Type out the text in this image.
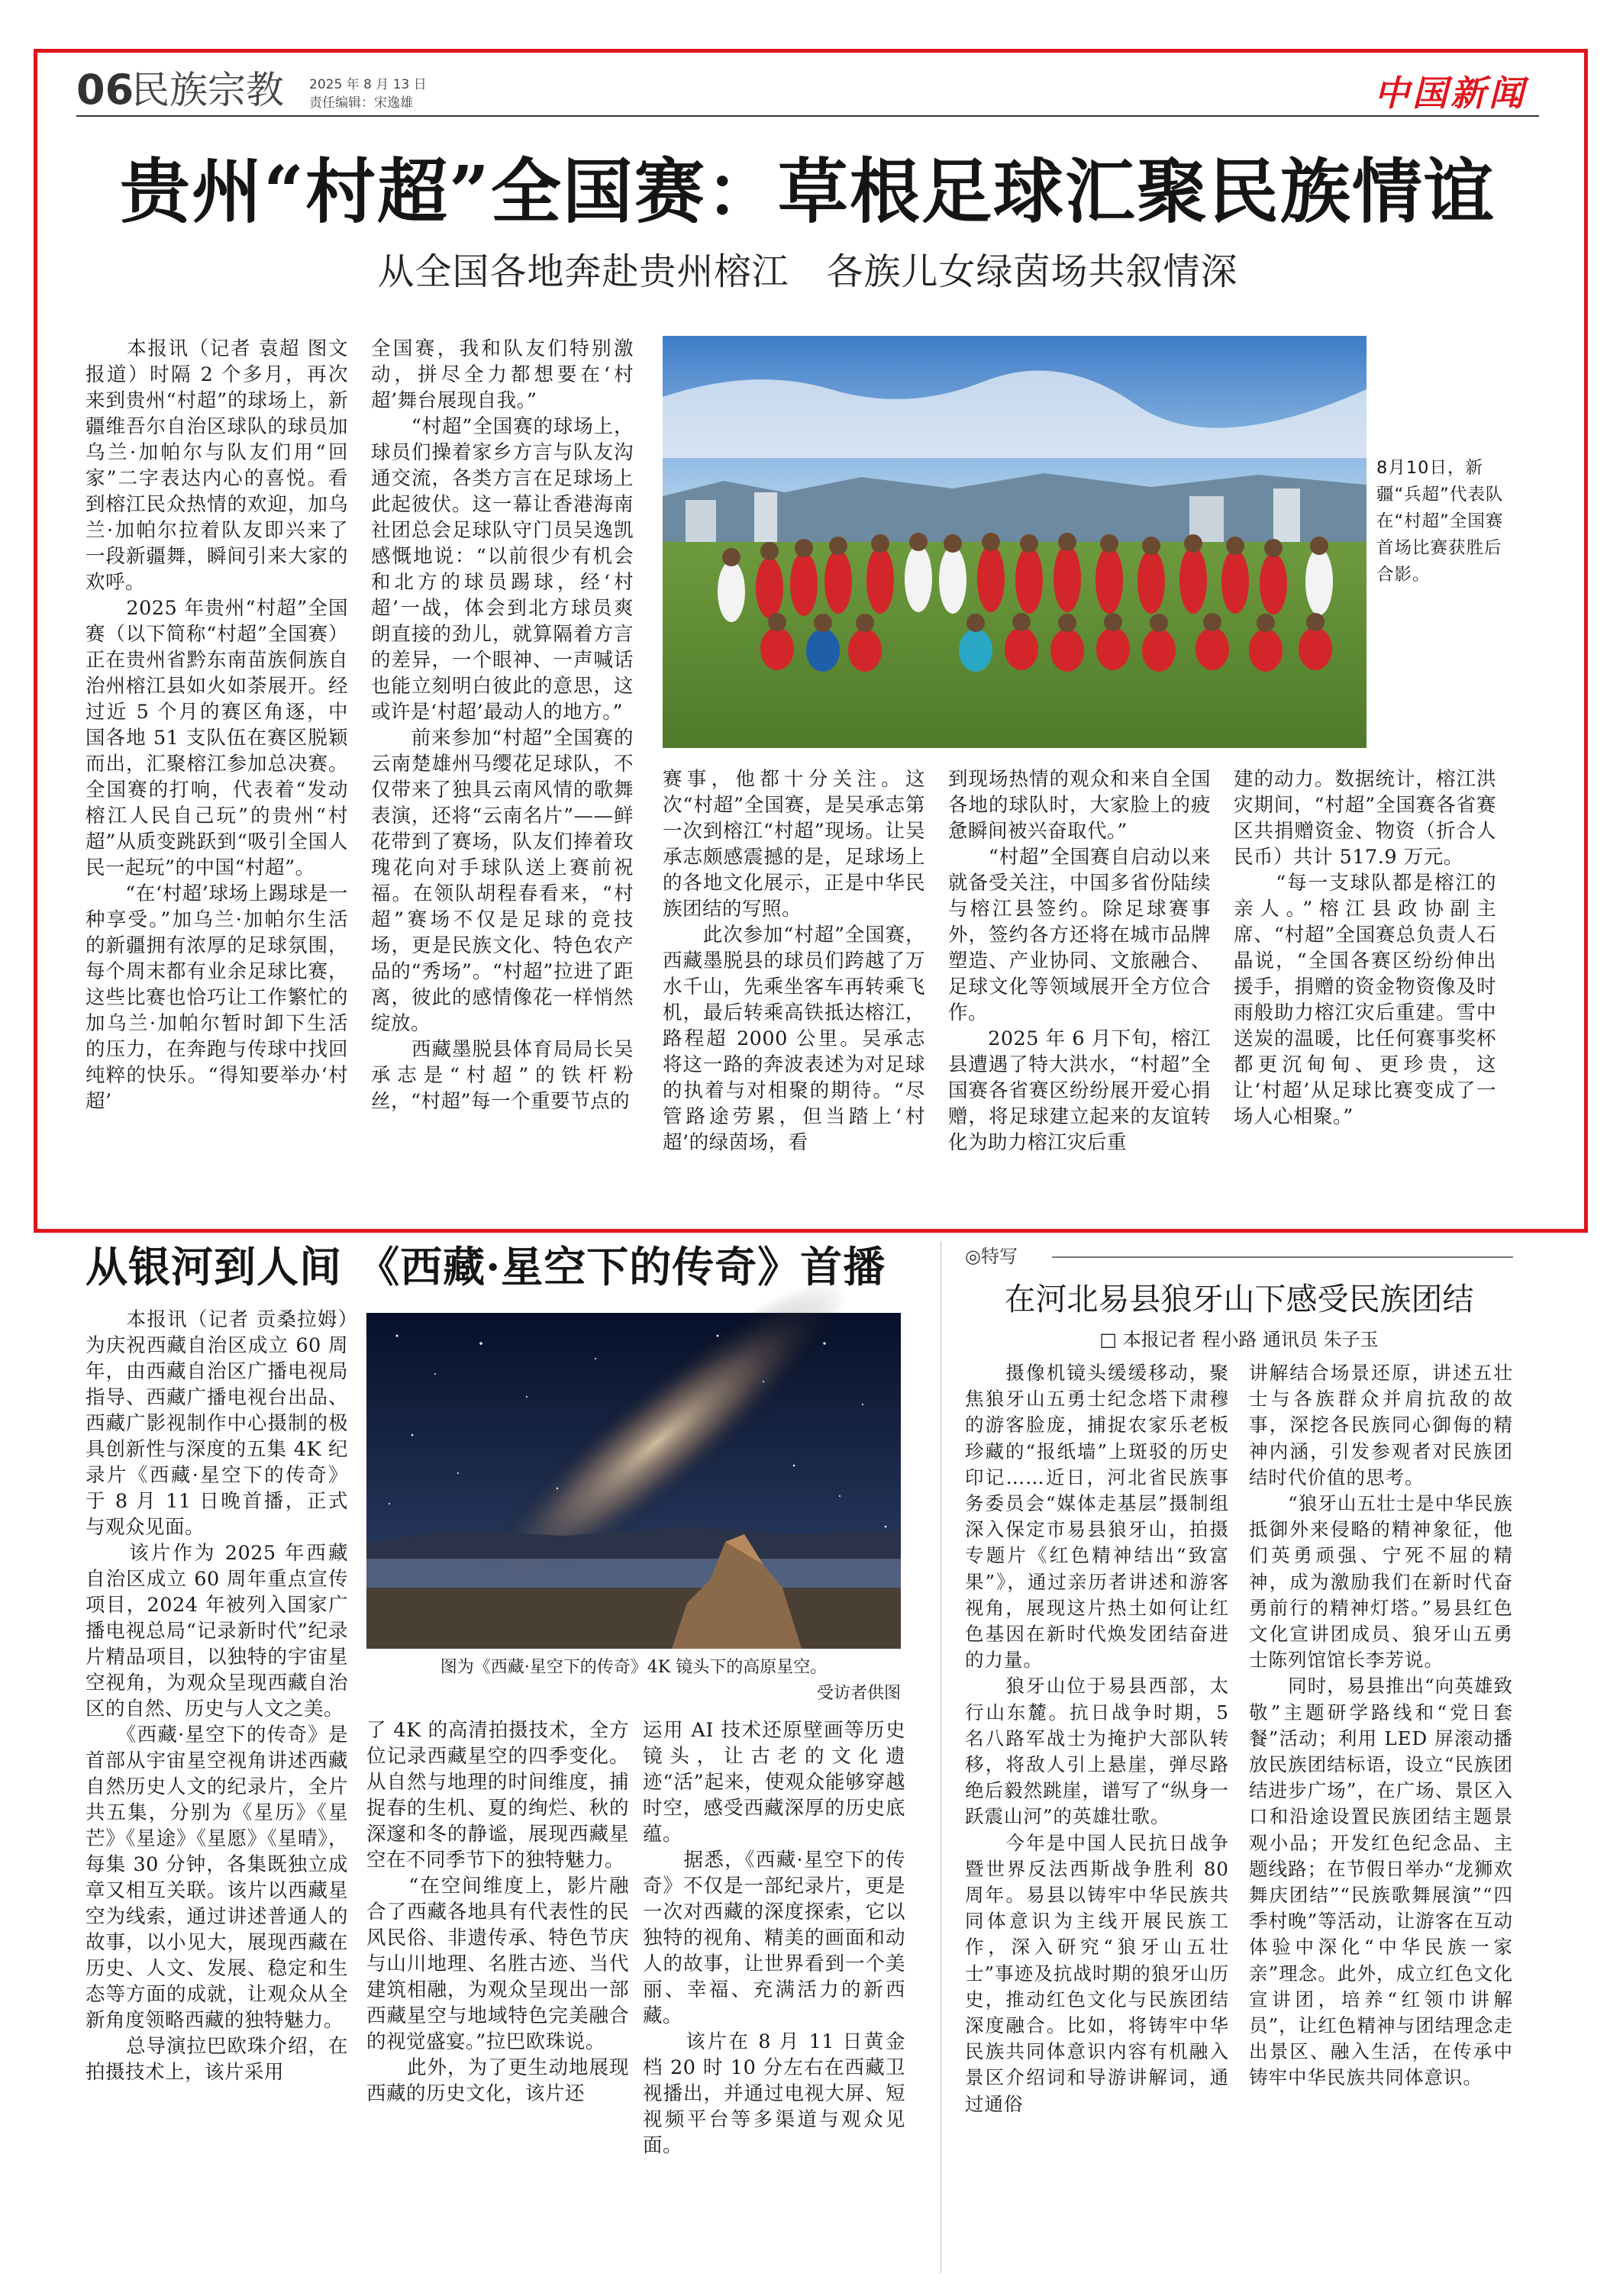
06
民族宗教 2025 年 8 月 13 日
责任编辑：宋逸雄	中国新闻
贵州“村超”全国赛：草根足球汇聚民族情谊
从全国各地奔赴贵州榕江　各族儿女绿茵场共叙情深
　　本报讯（记者 袁超 图文报道）时隔 2 个多月，再次来到贵州“村超”的球场上，新疆维吾尔自治区球队的球员加乌兰·加帕尔与队友们用“回家”二字表达内心的喜悦。看到榕江民众热情的欢迎，加乌兰·加帕尔拉着队友即兴来了一段新疆舞，瞬间引来大家的欢呼。
　　2025 年贵州“村超”全国赛（以下简称“村超”全国赛）正在贵州省黔东南苗族侗族自治州榕江县如火如荼展开。经过近 5 个月的赛区角逐，中国各地 51 支队伍在赛区脱颖而出，汇聚榕江参加总决赛。全国赛的打响，代表着“发动榕江人民自己玩”的贵州“村超”从质变跳跃到“吸引全国人民一起玩”的中国“村超”。
　　“在‘村超’球场上踢球是一种享受。”加乌兰·加帕尔生活的新疆拥有浓厚的足球氛围，每个周末都有业余足球比赛，这些比赛也恰巧让工作繁忙的加乌兰·加帕尔暂时卸下生活的压力，在奔跑与传球中找回纯粹的快乐。“得知要举办‘村超’
全国赛，我和队友们特别激动，拼尽全力都想要在‘村超’舞台展现自我。”
　　“村超”全国赛的球场上，球员们操着家乡方言与队友沟通交流，各类方言在足球场上此起彼伏。这一幕让香港海南社团总会足球队守门员吴逸凯感慨地说：“以前很少有机会和北方的球员踢球，经‘村超’一战，体会到北方球员爽朗直接的劲儿，就算隔着方言的差异，一个眼神、一声喊话也能立刻明白彼此的意思，这或许是‘村超’最动人的地方。”
　　前来参加“村超”全国赛的云南楚雄州马缨花足球队，不仅带来了独具云南风情的歌舞表演，还将“云南名片”——鲜花带到了赛场，队友们捧着玫瑰花向对手球队送上赛前祝福。在领队胡程春看来，“村超”赛场不仅是足球的竞技场，更是民族文化、特色农产品的“秀场”。“村超”拉进了距离，彼此的感情像花一样悄然绽放。
　　西藏墨脱县体育局局长吴承志是“村超”的铁杆粉丝，“村超”每一个重要节点的
8月10日，新疆“兵超”代表队在“村超”全国赛首场比赛获胜后合影。
赛事，他都十分关注。这次“村超”全国赛，是吴承志第一次到榕江“村超”现场。让吴承志颇感震撼的是，足球场上的各地文化展示，正是中华民族团结的写照。
　　此次参加“村超”全国赛，西藏墨脱县的球员们跨越了万水千山，先乘坐客车再转乘飞机，最后转乘高铁抵达榕江，路程超 2000 公里。吴承志将这一路的奔波表述为对足球的执着与对相聚的期待。“尽管路途劳累，但当踏上‘村超’的绿茵场，看
到现场热情的观众和来自全国各地的球队时，大家脸上的疲惫瞬间被兴奋取代。”
　　“村超”全国赛自启动以来就备受关注，中国多省份陆续与榕江县签约。除足球赛事外，签约各方还将在城市品牌塑造、产业协同、文旅融合、足球文化等领域展开全方位合作。
　　2025 年 6 月下旬，榕江县遭遇了特大洪水，“村超”全国赛各省赛区纷纷展开爱心捐赠，将足球建立起来的友谊转化为助力榕江灾后重
建的动力。数据统计，榕江洪灾期间，“村超”全国赛各省赛区共捐赠资金、物资（折合人民币）共计 517.9 万元。
　　“每一支球队都是榕江的亲人。”榕江县政协副主席、“村超”全国赛总负责人石晶说，“全国各赛区纷纷伸出援手，捐赠的资金物资像及时雨般助力榕江灾后重建。雪中送炭的温暖，比任何赛事奖杯都更沉甸甸、更珍贵，这让‘村超’从足球比赛变成了一场人心相聚。”
从银河到人间 《西藏·星空下的传奇》首播
　　本报讯（记者 贡桑拉姆）为庆祝西藏自治区成立 60 周年，由西藏自治区广播电视局指导、西藏广播电视台出品、西藏广影视制作中心摄制的极具创新性与深度的五集 4K 纪录片《西藏·星空下的传奇》于 8 月 11 日晚首播，正式与观众见面。
　　该片作为 2025 年西藏自治区成立 60 周年重点宣传项目，2024 年被列入国家广播电视总局“记录新时代”纪录片精品项目，以独特的宇宙星空视角，为观众呈现西藏自治区的自然、历史与人文之美。
　　《西藏·星空下的传奇》是首部从宇宙星空视角讲述西藏自然历史人文的纪录片，全片共五集，分别为《星历》《星芒》《星途》《星愿》《星晴》，每集 30 分钟，各集既独立成章又相互关联。该片以西藏星空为线索，通过讲述普通人的故事，以小见大，展现西藏在历史、人文、发展、稳定和生态等方面的成就，让观众从全新角度领略西藏的独特魅力。
　　总导演拉巴欧珠介绍，在拍摄技术上，该片采用
图为《西藏·星空下的传奇》4K 镜头下的高原星空。
受访者供图
了 4K 的高清拍摄技术，全方位记录西藏星空的四季变化。从自然与地理的时间维度，捕捉春的生机、夏的绚烂、秋的深邃和冬的静谧，展现西藏星空在不同季节下的独特魅力。
　　“在空间维度上，影片融合了西藏各地具有代表性的民风民俗、非遗传承、特色节庆与山川地理、名胜古迹、当代建筑相融，为观众呈现出一部西藏星空与地域特色完美融合的视觉盛宴。”拉巴欧珠说。
　　此外，为了更生动地展现西藏的历史文化，该片还
运用 AI 技术还原壁画等历史镜头，让古老的文化遗迹“活”起来，使观众能够穿越时空，感受西藏深厚的历史底蕴。
　　据悉，《西藏·星空下的传奇》不仅是一部纪录片，更是一次对西藏的深度探索，它以独特的视角、精美的画面和动人的故事，让世界看到一个美丽、幸福、充满活力的新西藏。
　　该片在 8 月 11 日黄金档 20 时 10 分左右在西藏卫视播出，并通过电视大屏、短视频平台等多渠道与观众见面。
◎特写
在河北易县狼牙山下感受民族团结
□ 本报记者 程小路 通讯员 朱子玉
　　摄像机镜头缓缓移动，聚焦狼牙山五勇士纪念塔下肃穆的游客脸庞，捕捉农家乐老板珍藏的“报纸墙”上斑驳的历史印记……近日，河北省民族事务委员会“媒体走基层”摄制组深入保定市易县狼牙山，拍摄专题片《红色精神结出“致富果”》，通过亲历者讲述和游客视角，展现这片热土如何让红色基因在新时代焕发团结奋进的力量。
　　狼牙山位于易县西部，太行山东麓。抗日战争时期，5 名八路军战士为掩护大部队转移，将敌人引上悬崖，弹尽路绝后毅然跳崖，谱写了“纵身一跃震山河”的英雄壮歌。
　　今年是中国人民抗日战争暨世界反法西斯战争胜利 80 周年。易县以铸牢中华民族共同体意识为主线开展民族工作，深入研究“狼牙山五壮士”事迹及抗战时期的狼牙山历史，推动红色文化与民族团结深度融合。比如，将铸牢中华民族共同体意识内容有机融入景区介绍词和导游讲解词，通过通俗
讲解结合场景还原，讲述五壮士与各族群众并肩抗敌的故事，深挖各民族同心御侮的精神内涵，引发参观者对民族团结时代价值的思考。
　　“狼牙山五壮士是中华民族抵御外来侵略的精神象征，他们英勇顽强、宁死不屈的精神，成为激励我们在新时代奋勇前行的精神灯塔。”易县红色文化宣讲团成员、狼牙山五勇士陈列馆馆长李芳说。
　　同时，易县推出“向英雄致敬”主题研学路线和“党日套餐”活动；利用 LED 屏滚动播放民族团结标语，设立“民族团结进步广场”，在广场、景区入口和沿途设置民族团结主题景观小品；开发红色纪念品、主题线路；在节假日举办“龙狮欢舞庆团结”“民族歌舞展演”“四季村晚”等活动，让游客在互动体验中深化“中华民族一家亲”理念。此外，成立红色文化宣讲团，培养“红领巾讲解员”，让红色精神与团结理念走出景区、融入生活，在传承中铸牢中华民族共同体意识。
